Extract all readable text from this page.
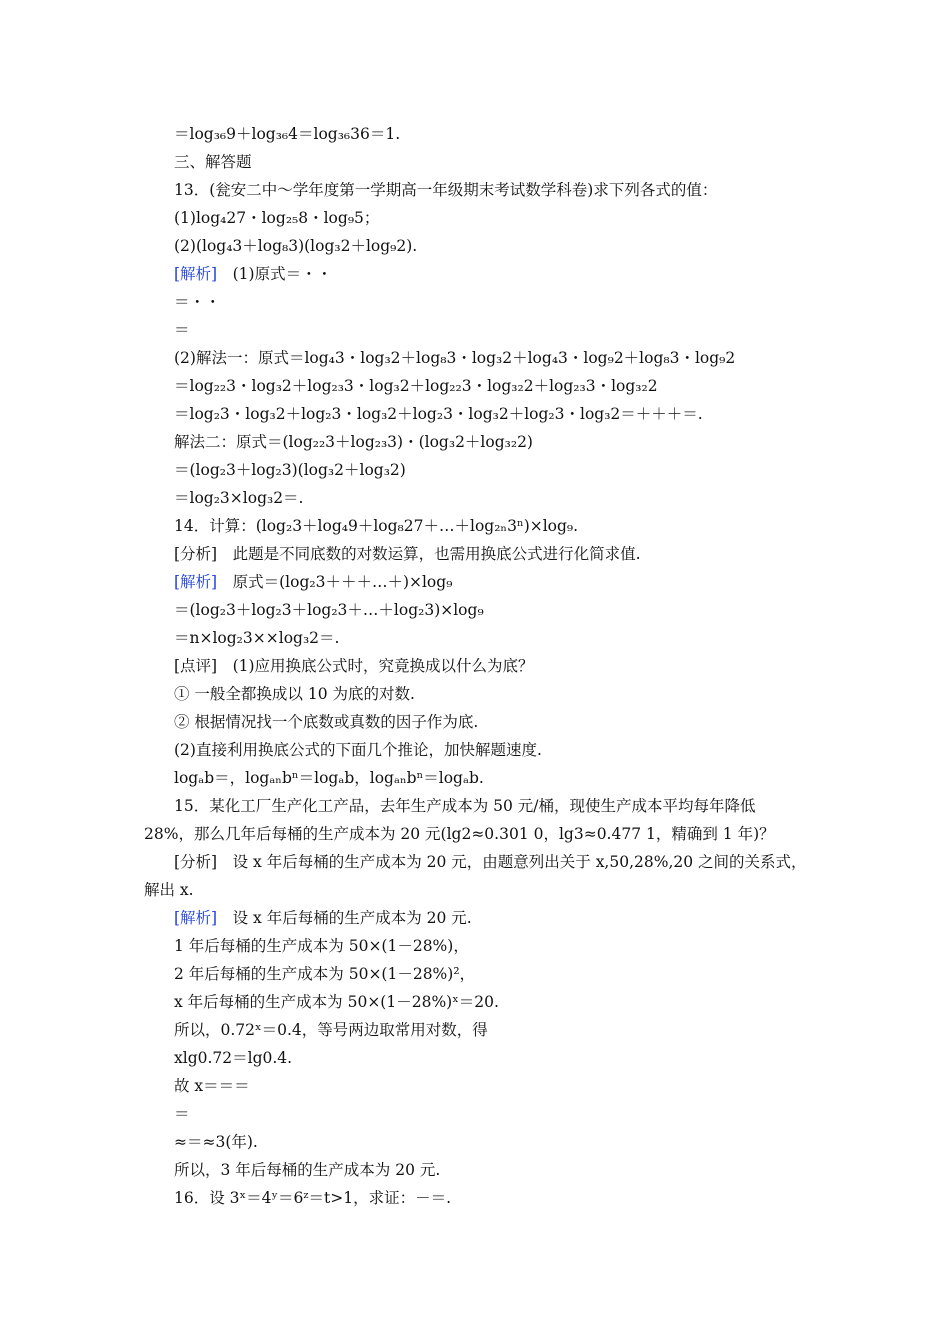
＝log₃₆9＋log₃₆4＝log₃₆36＝1.
三、解答题
13．(瓮安二中～学年度第一学期高一年级期末考试数学科卷)求下列各式的值：
(1)log₄27・log₂₅8・log₉5；
(2)(log₄3＋log₈3)(log₃2＋log₉2).
[解析]　(1)原式＝・・
＝・・
＝
(2)解法一：原式＝log₄3・log₃2＋log₈3・log₃2＋log₄3・log₉2＋log₈3・log₉2
＝log₂₂3・log₃2＋log₂₃3・log₃2＋log₂₂3・log₃₂2＋log₂₃3・log₃₂2
＝log₂3・log₃2＋log₂3・log₃2＋log₂3・log₃2＋log₂3・log₃2＝＋＋＋＝.
解法二：原式＝(log₂₂3＋log₂₃3)・(log₃2＋log₃₂2)
＝(log₂3＋log₂3)(log₃2＋log₃2)
＝log₂3×log₃2＝.
14．计算：(log₂3＋log₄9＋log₈27＋…＋log₂ₙ3ⁿ)×log₉.
[分析]　此题是不同底数的对数运算，也需用换底公式进行化简求值.
[解析]　原式＝(log₂3＋＋＋…＋)×log₉
＝(log₂3＋log₂3＋log₂3＋…＋log₂3)×log₉
＝n×log₂3××log₃2＝.
[点评]　(1)应用换底公式时，究竟换成以什么为底？
① 一般全都换成以 10 为底的对数.
② 根据情况找一个底数或真数的因子作为底.
(2)直接利用换底公式的下面几个推论，加快解题速度.
logₐb＝，logₐₙbⁿ＝logₐb，logₐₙbⁿ＝logₐb.
15．某化工厂生产化工产品，去年生产成本为 50 元/桶，现使生产成本平均每年降低
28%，那么几年后每桶的生产成本为 20 元(lg2≈0.301 0，lg3≈0.477 1，精确到 1 年)？
[分析]　设 x 年后每桶的生产成本为 20 元，由题意列出关于 x,50,28%,20 之间的关系式，
解出 x.
[解析]　设 x 年后每桶的生产成本为 20 元.
1 年后每桶的生产成本为 50×(1－28%)，
2 年后每桶的生产成本为 50×(1－28%)²，
x 年后每桶的生产成本为 50×(1－28%)ˣ＝20.
所以，0.72ˣ＝0.4，等号两边取常用对数，得
xlg0.72＝lg0.4.
故 x＝＝＝
＝
≈＝≈3(年).
所以，3 年后每桶的生产成本为 20 元.
16．设 3ˣ＝4ʸ＝6ᶻ＝t>1，求证：－＝.
